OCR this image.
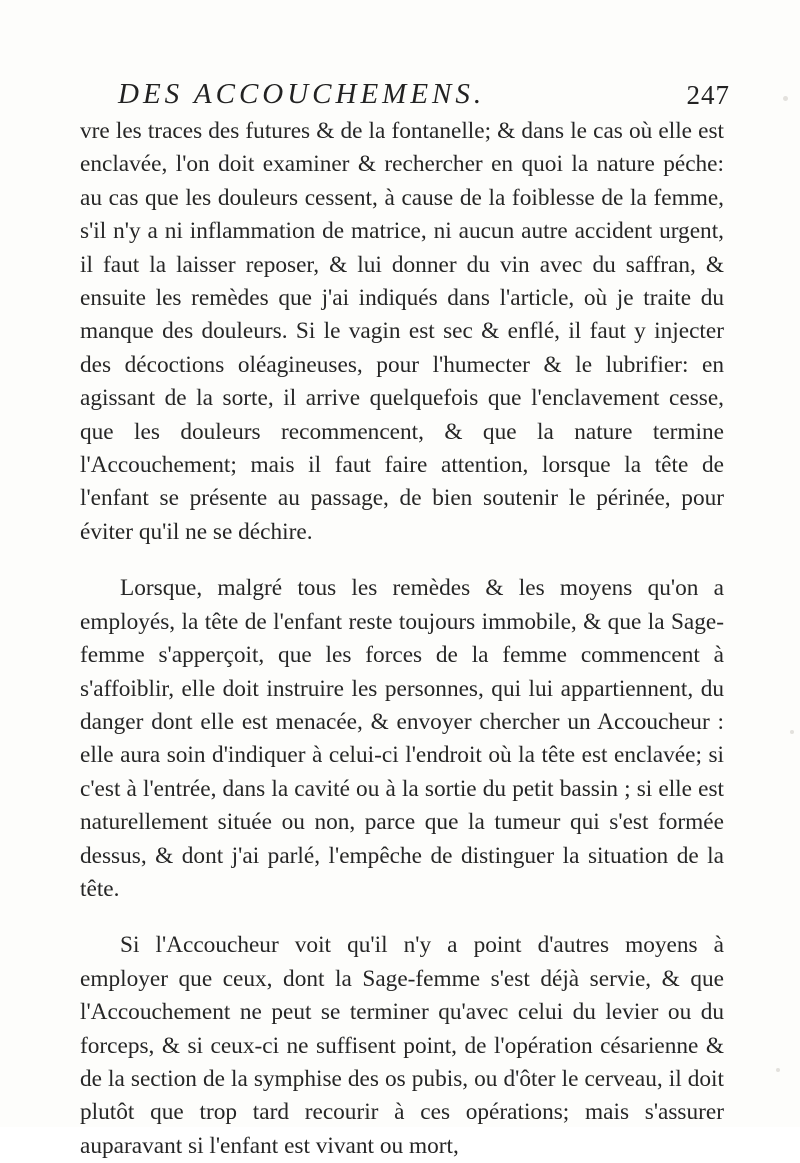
DES ACCOUCHEMENS.	247

vre les traces des futures & de la fontanelle; & dans le cas où elle est enclavée, l'on doit examiner & rechercher en quoi la nature péche: au cas que les douleurs cessent, à cause de la foiblesse de la femme, s'il n'y a ni inflammation de matrice, ni aucun autre accident urgent, il faut la laisser reposer, & lui donner du vin avec du saffran, & ensuite les remèdes que j'ai indiqués dans l'article, où je traite du manque des douleurs. Si le vagin est sec & enflé, il faut y injecter des décoctions oléagineuses, pour l'humecter & le lubrifier: en agissant de la sorte, il arrive quelquefois que l'enclavement cesse, que les douleurs recommencent, & que la nature termine l'Accouchement; mais il faut faire attention, lorsque la tête de l'enfant se présente au passage, de bien soutenir le périnée, pour éviter qu'il ne se déchire.

Lorsque, malgré tous les remèdes & les moyens qu'on a employés, la tête de l'enfant reste toujours immobile, & que la Sage-femme s'apperçoit, que les forces de la femme commencent à s'affoiblir, elle doit instruire les personnes, qui lui appartiennent, du danger dont elle est menacée, & envoyer chercher un Accoucheur : elle aura soin d'indiquer à celui-ci l'endroit où la tête est enclavée; si c'est à l'entrée, dans la cavité ou à la sortie du petit bassin ; si elle est naturellement située ou non, parce que la tumeur qui s'est formée dessus, & dont j'ai parlé, l'empêche de distinguer la situation de la tête.

Si l'Accoucheur voit qu'il n'y a point d'autres moyens à employer que ceux, dont la Sage-femme s'est déjà servie, & que l'Accouchement ne peut se terminer qu'avec celui du levier ou du forceps, & si ceux-ci ne suffisent point, de l'opération césarienne & de la section de la symphise des os pubis, ou d'ôter le cerveau, il doit plutôt que trop tard recourir à ces opérations; mais s'assurer auparavant si l'enfant est vivant ou mort,
